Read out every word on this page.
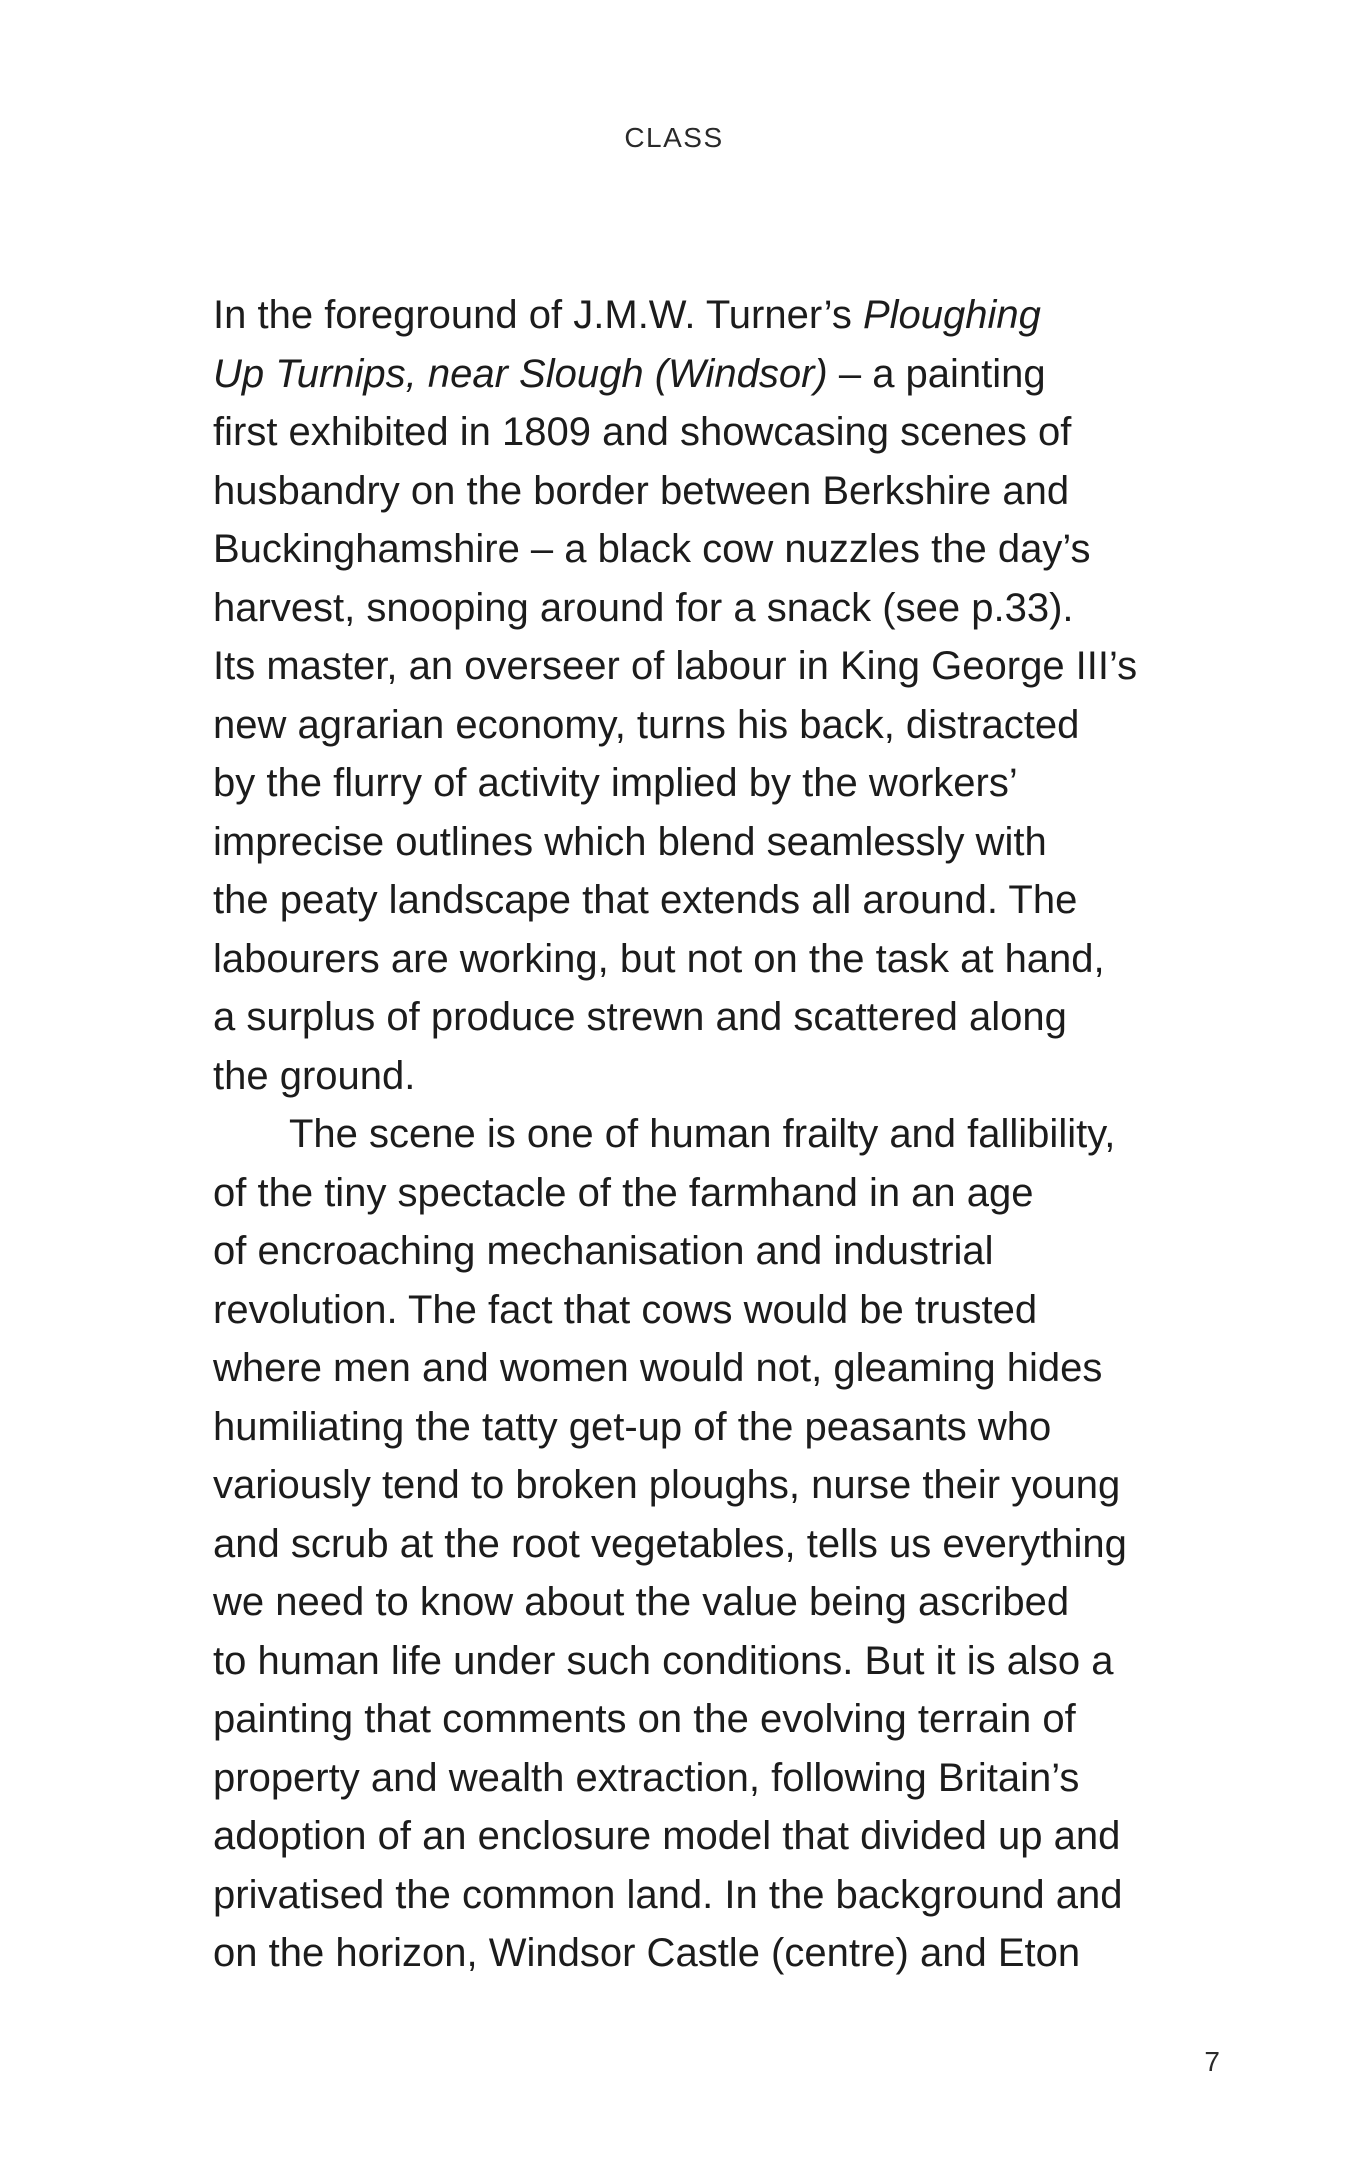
CLASS
In the foreground of J.M.W. Turner’s Ploughing
Up Turnips, near Slough (Windsor) – a painting
first exhibited in 1809 and showcasing scenes of
husbandry on the border between Berkshire and
Buckinghamshire – a black cow nuzzles the day’s
harvest, snooping around for a snack (see p.33).
Its master, an overseer of labour in King George III’s
new agrarian economy, turns his back, distracted
by the flurry of activity implied by the workers’
imprecise outlines which blend seamlessly with
the peaty landscape that extends all around. The
labourers are working, but not on the task at hand,
a surplus of produce strewn and scattered along
the ground.
The scene is one of human frailty and fallibility,
of the tiny spectacle of the farmhand in an age
of encroaching mechanisation and industrial
revolution. The fact that cows would be trusted
where men and women would not, gleaming hides
humiliating the tatty get-up of the peasants who
variously tend to broken ploughs, nurse their young
and scrub at the root vegetables, tells us everything
we need to know about the value being ascribed
to human life under such conditions. But it is also a
painting that comments on the evolving terrain of
property and wealth extraction, following Britain’s
adoption of an enclosure model that divided up and
privatised the common land. In the background and
on the horizon, Windsor Castle (centre) and Eton
7
